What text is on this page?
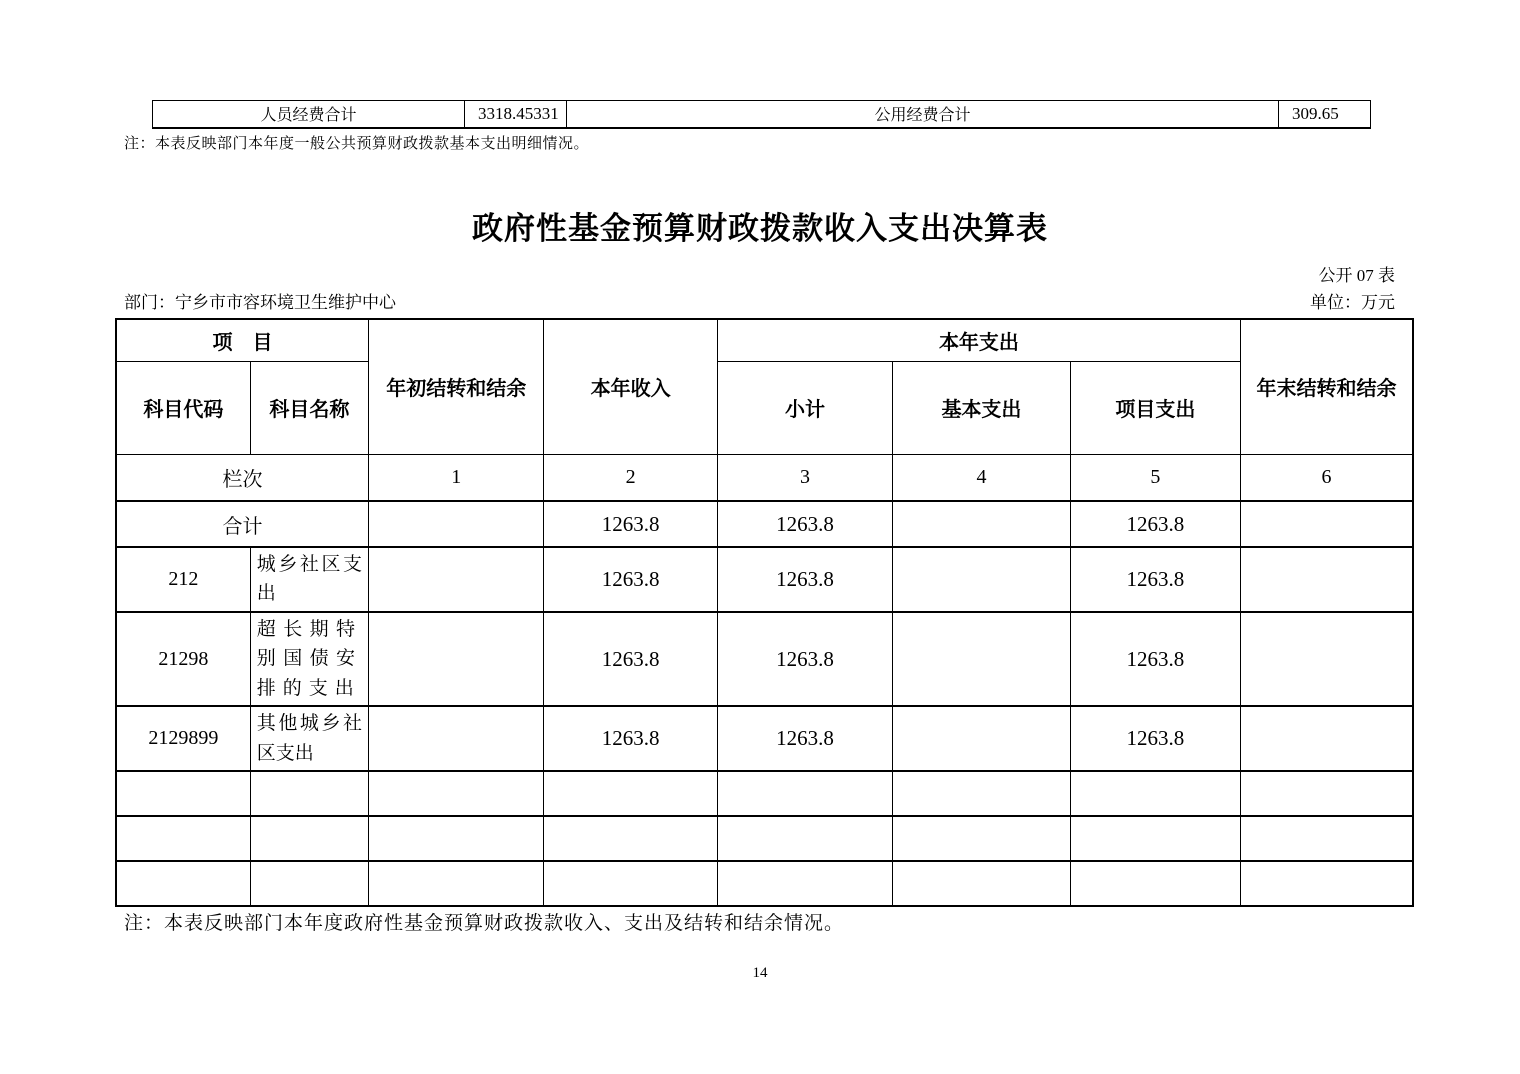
人员经费合计	3318.45331	公用经费合计	309.65
注：本表反映部门本年度一般公共预算财政拨款基本支出明细情况。
政府性基金预算财政拨款收入支出决算表
公开 07 表
部门：宁乡市市容环境卫生维护中心	单位：万元
项　目		年初结转和结余	本年收入	本年支出			年末结转和结余
科目代码	科目名称			小计	基本支出	项目支出	
栏次		1	2	3	4	5	6
合计			1263.8	1263.8		1263.8	
212	城乡社区支出		1263.8	1263.8		1263.8	
21298	超长期特别国债安排的支出		1263.8	1263.8		1263.8	
2129899	其他城乡社区支出		1263.8	1263.8		1263.8	

注：本表反映部门本年度政府性基金预算财政拨款收入、支出及结转和结余情况。
14
